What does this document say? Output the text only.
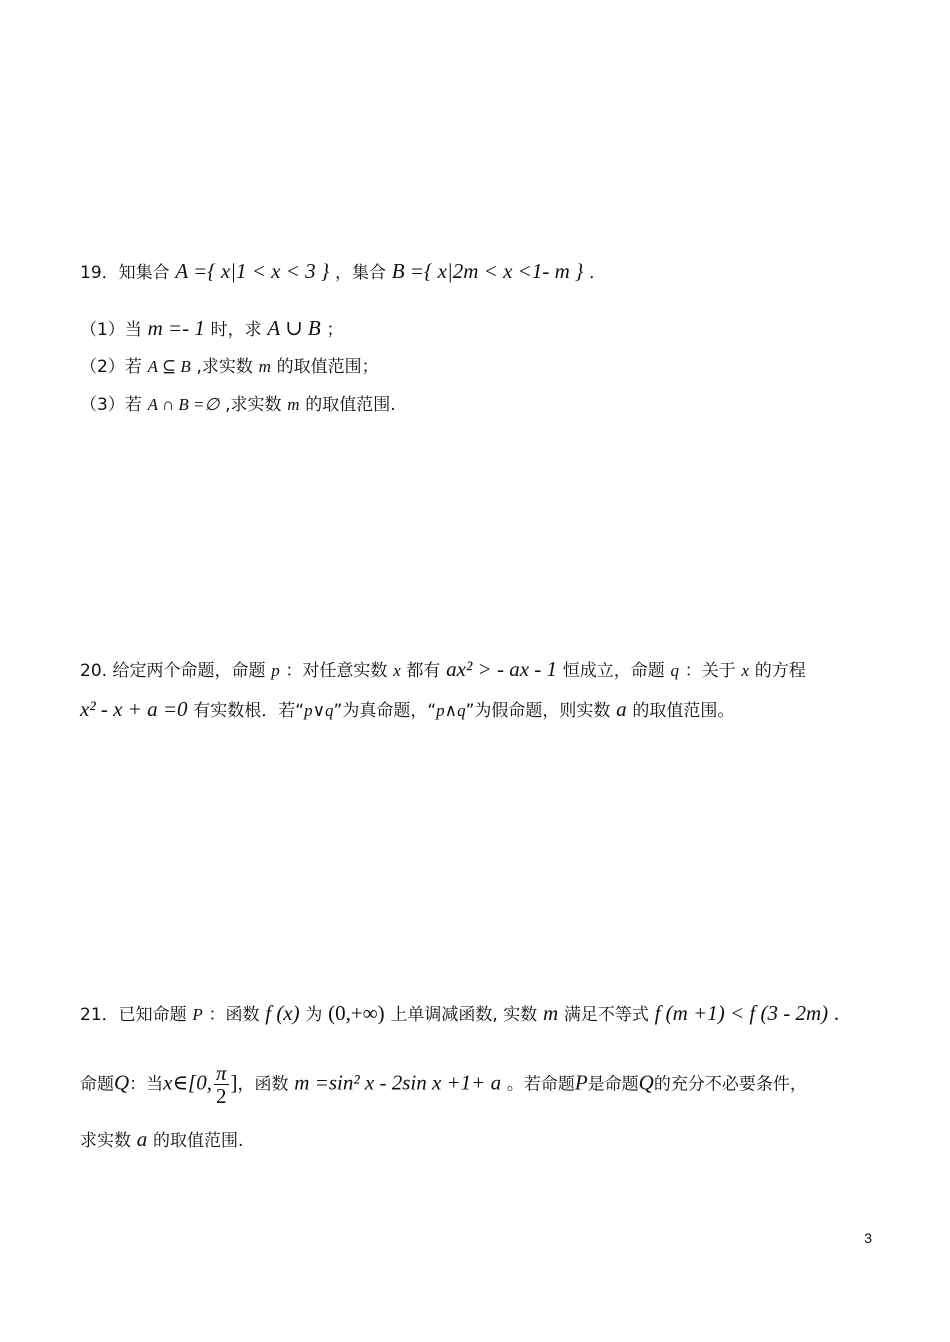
19．知集合 A ={ x|1 < x < 3 } ，集合 B ={ x|2m < x <1- m } ．
（1）当 m =- 1 时，求 A ∪ B ；
（2）若 A ⊆ B ,求实数 m 的取值范围；
（3）若 A ∩ B =∅ ,求实数 m 的取值范围.
20. 给定两个命题，命题 p ：对任意实数 x 都有 ax² > - ax - 1 恒成立，命题 q ：关于 x 的方程
x² - x + a =0 有实数根．若“p∨q”为真命题，“p∧q”为假命题，则实数 a 的取值范围。
21．已知命题 P ：函数 f (x) 为 (0,+∞) 上单调减函数, 实数 m 满足不等式 f (m +1) < f (3 - 2m) .
命题Q：当x∈[0, $\frac{\pi}{2}$ ]，函数 m =sin² x - 2sin x +1+ a 。若命题P是命题Q的充分不必要条件，
求实数 a 的取值范围.
3
